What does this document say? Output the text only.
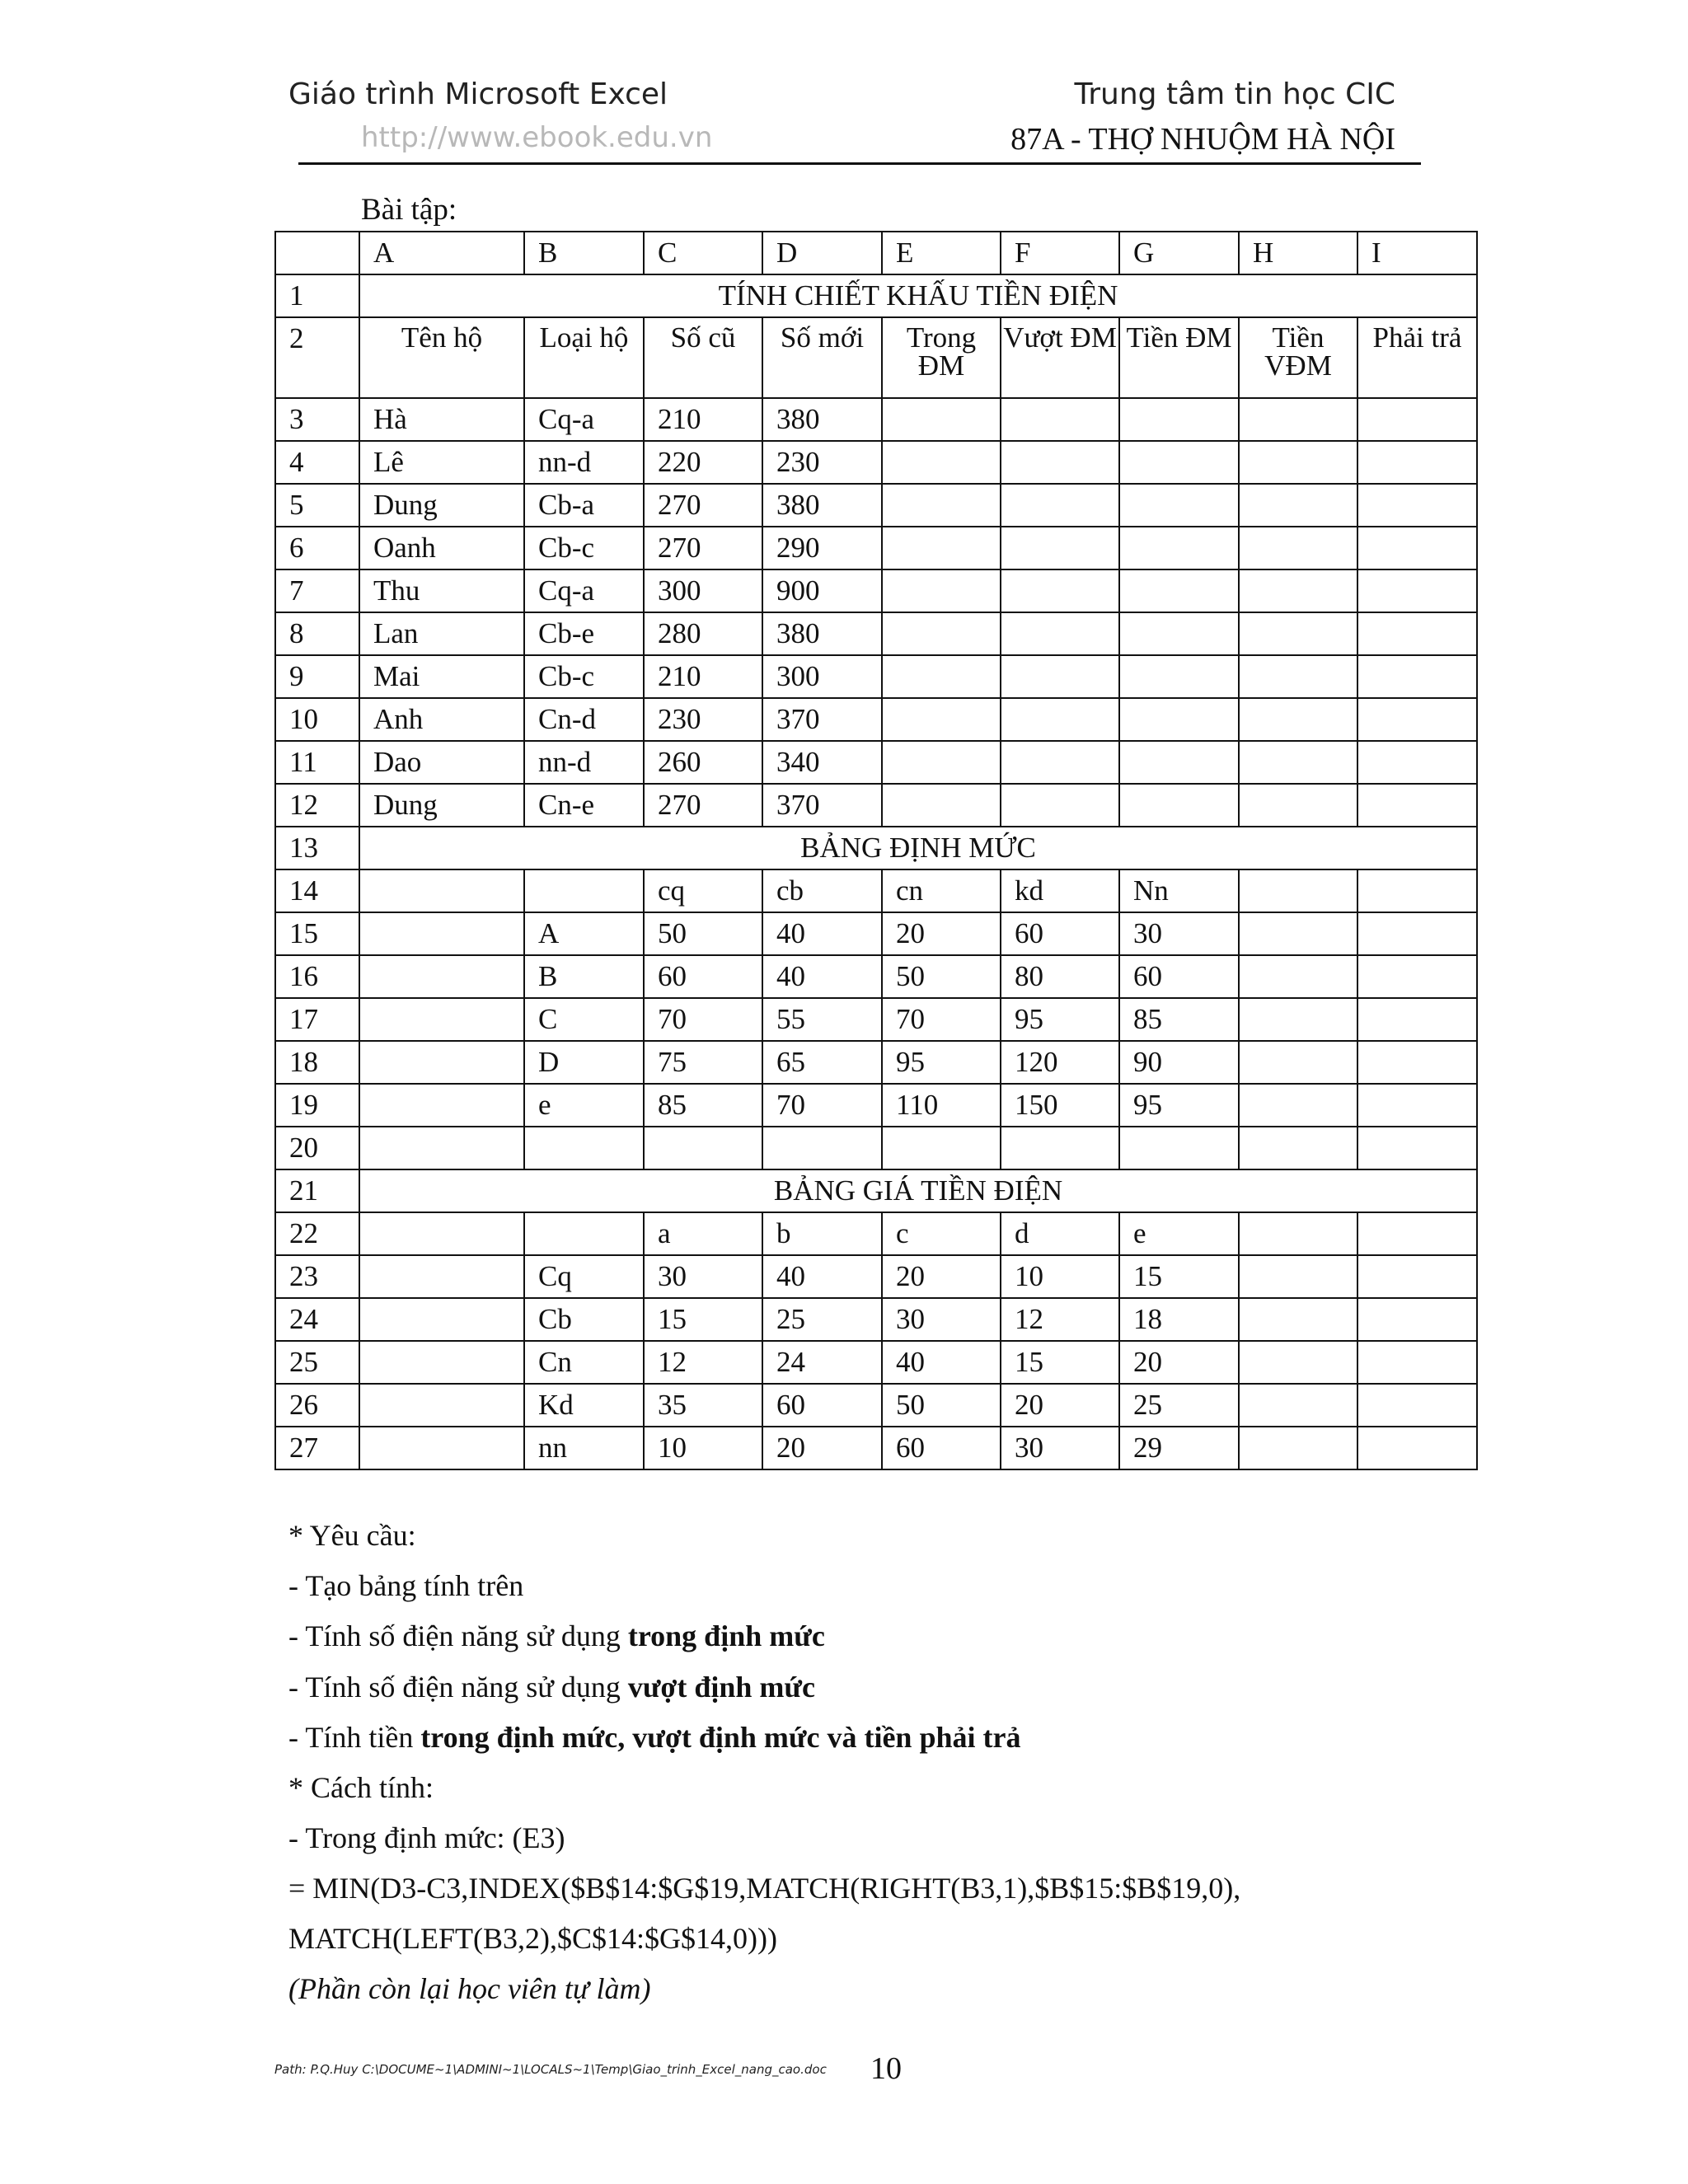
Giáo trình Microsoft Excel	Trung tâm tin học CIC
http://www.ebook.edu.vn	87A - THỢ NHUỘM HÀ NỘI
Bài tập:
	A	B	C	D	E	F	G	H	I
1	TÍNH CHIẾT KHẤU TIỀN ĐIỆN								
2	Tên hộ	Loại hộ	Số cũ	Số mới	Trong ĐM	Vượt ĐM	Tiền ĐM	Tiền VĐM	Phải trả
3	Hà	Cq-a	210	380					
4	Lê	nn-d	220	230					
5	Dung	Cb-a	270	380					
6	Oanh	Cb-c	270	290					
7	Thu	Cq-a	300	900					
8	Lan	Cb-e	280	380					
9	Mai	Cb-c	210	300					
10	Anh	Cn-d	230	370					
11	Dao	nn-d	260	340					
12	Dung	Cn-e	270	370					
13	BẢNG ĐỊNH MỨC								
14			cq	cb	cn	kd	Nn		
15		A	50	40	20	60	30		
16		B	60	40	50	80	60		
17		C	70	55	70	95	85		
18		D	75	65	95	120	90		
19		e	85	70	110	150	95		
20									
21	BẢNG GIÁ TIỀN ĐIỆN								
22			a	b	c	d	e		
23		Cq	30	40	20	10	15		
24		Cb	15	25	30	12	18		
25		Cn	12	24	40	15	20		
26		Kd	35	60	50	20	25		
27		nn	10	20	60	30	29		
* Yêu cầu:
- Tạo bảng tính trên
- Tính số điện năng sử dụng trong định mức
- Tính số điện năng sử dụng vượt định mức
- Tính tiền trong định mức, vượt định mức và tiền phải trả
* Cách tính:
- Trong định mức: (E3)
= MIN(D3-C3,INDEX($B$14:$G$19,MATCH(RIGHT(B3,1),$B$15:$B$19,0),
MATCH(LEFT(B3,2),$C$14:$G$14,0)))
(Phần còn lại học viên tự làm)
Path: P.Q.Huy C:\DOCUME~1\ADMINI~1\LOCALS~1\Temp\Giao_trinh_Excel_nang_cao.doc 10
